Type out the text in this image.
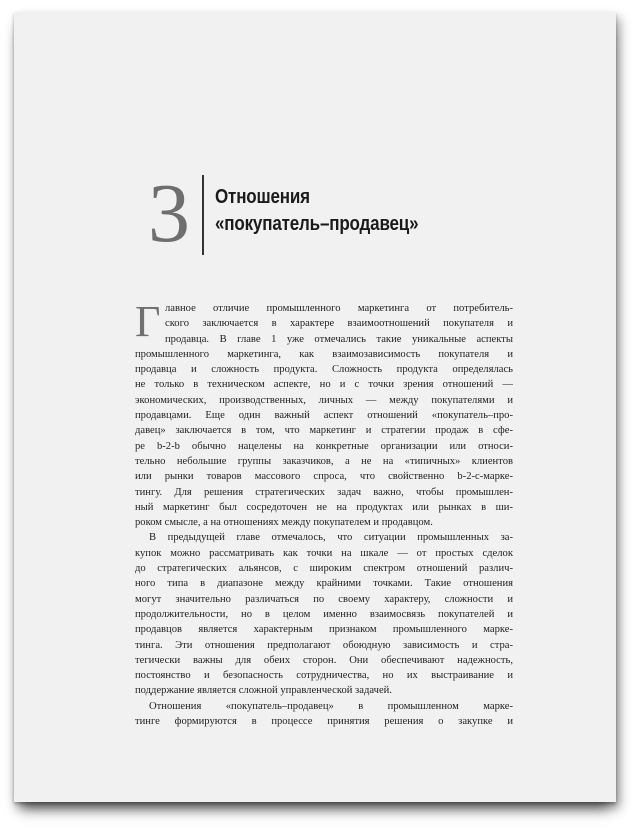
3 Отношения
«покупатель–продавец»
Г лавное отличие промышленного маркетинга от потребитель-
ского заключается в характере взаимоотношений покупателя и
продавца. В главе 1 уже отмечались такие уникальные аспекты
промышленного маркетинга, как взаимозависимость покупателя и
продавца и сложность продукта. Сложность продукта определялась
не только в техническом аспекте, но и с точки зрения отношений —
экономических, производственных, личных — между покупателями и
продавцами. Еще один важный аспект отношений «покупатель–про-
давец» заключается в том, что маркетинг и стратегии продаж в сфе-
ре b-2-b обычно нацелены на конкретные организации или относи-
тельно небольшие группы заказчиков, а не на «типичных» клиентов
или рынки товаров массового спроса, что свойственно b-2-c-марке-
тингу. Для решения стратегических задач важно, чтобы промышлен-
ный маркетинг был сосредоточен не на продуктах или рынках в ши-
роком смысле, а на отношениях между покупателем и продавцом.
В предыдущей главе отмечалось, что ситуации промышленных за-
купок можно рассматривать как точки на шкале — от простых сделок
до стратегических альянсов, с широким спектром отношений различ-
ного типа в диапазоне между крайними точками. Такие отношения
могут значительно различаться по своему характеру, сложности и
продолжительности, но в целом именно взаимосвязь покупателей и
продавцов является характерным признаком промышленного марке-
тинга. Эти отношения предполагают обоюдную зависимость и стра-
тегически важны для обеих сторон. Они обеспечивают надежность,
постоянство и безопасность сотрудничества, но их выстраивание и
поддержание является сложной управленческой задачей.
Отношения «покупатель–продавец» в промышленном марке-
тинге формируются в процессе принятия решения о закупке и
